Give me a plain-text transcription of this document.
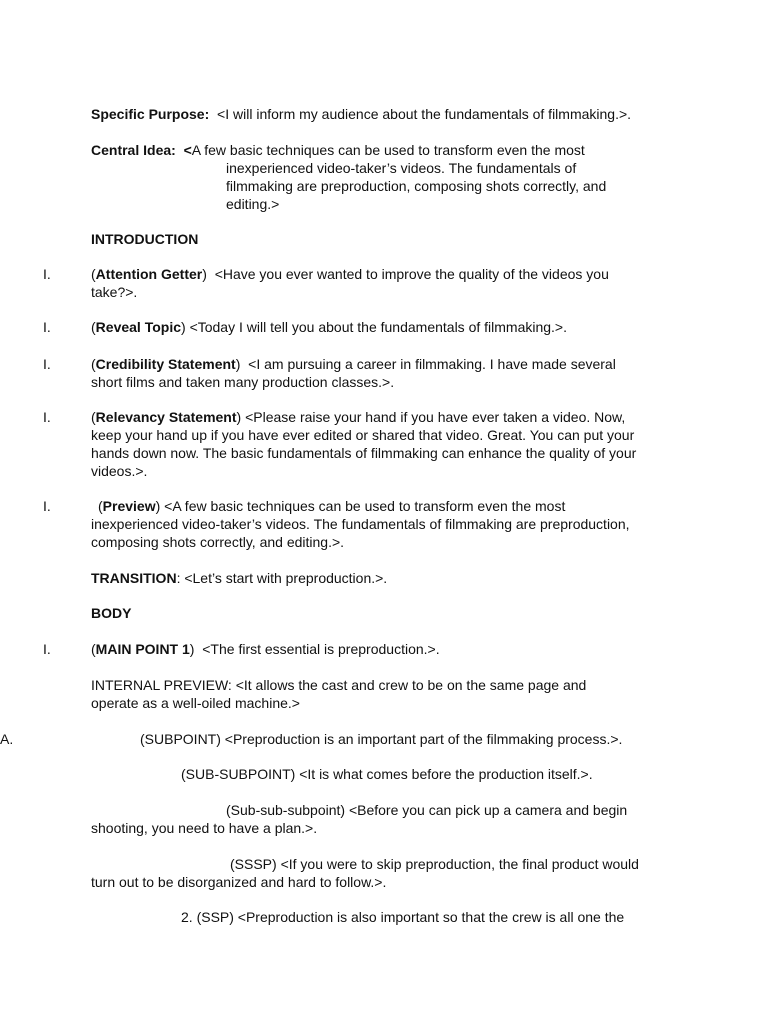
Specific Purpose: <I will inform my audience about the fundamentals of filmmaking.>.
Central Idea: <A few basic techniques can be used to transform even the most
inexperienced video-taker’s videos. The fundamentals of
filmmaking are preproduction, composing shots correctly, and
editing.>
INTRODUCTION
I.	(Attention Getter) <Have you ever wanted to improve the quality of the videos you
take?>.
I.	(Reveal Topic) <Today I will tell you about the fundamentals of filmmaking.>.
I.	(Credibility Statement) <I am pursuing a career in filmmaking. I have made several
short films and taken many production classes.>.
I.	(Relevancy Statement) <Please raise your hand if you have ever taken a video. Now,
keep your hand up if you have ever edited or shared that video. Great. You can put your
hands down now. The basic fundamentals of filmmaking can enhance the quality of your
videos.>.
I.	(Preview) <A few basic techniques can be used to transform even the most
inexperienced video-taker’s videos. The fundamentals of filmmaking are preproduction,
composing shots correctly, and editing.>.
TRANSITION: <Let’s start with preproduction.>.
BODY
I.	(MAIN POINT 1) <The first essential is preproduction.>.
INTERNAL PREVIEW: <It allows the cast and crew to be on the same page and
operate as a well-oiled machine.>
A.	(SUBPOINT) <Preproduction is an important part of the filmmaking process.>.
(SUB-SUBPOINT) <It is what comes before the production itself.>.
(Sub-sub-subpoint) <Before you can pick up a camera and begin
shooting, you need to have a plan.>.
(SSSP) <If you were to skip preproduction, the final product would
turn out to be disorganized and hard to follow.>.
2. (SSP) <Preproduction is also important so that the crew is all one the
